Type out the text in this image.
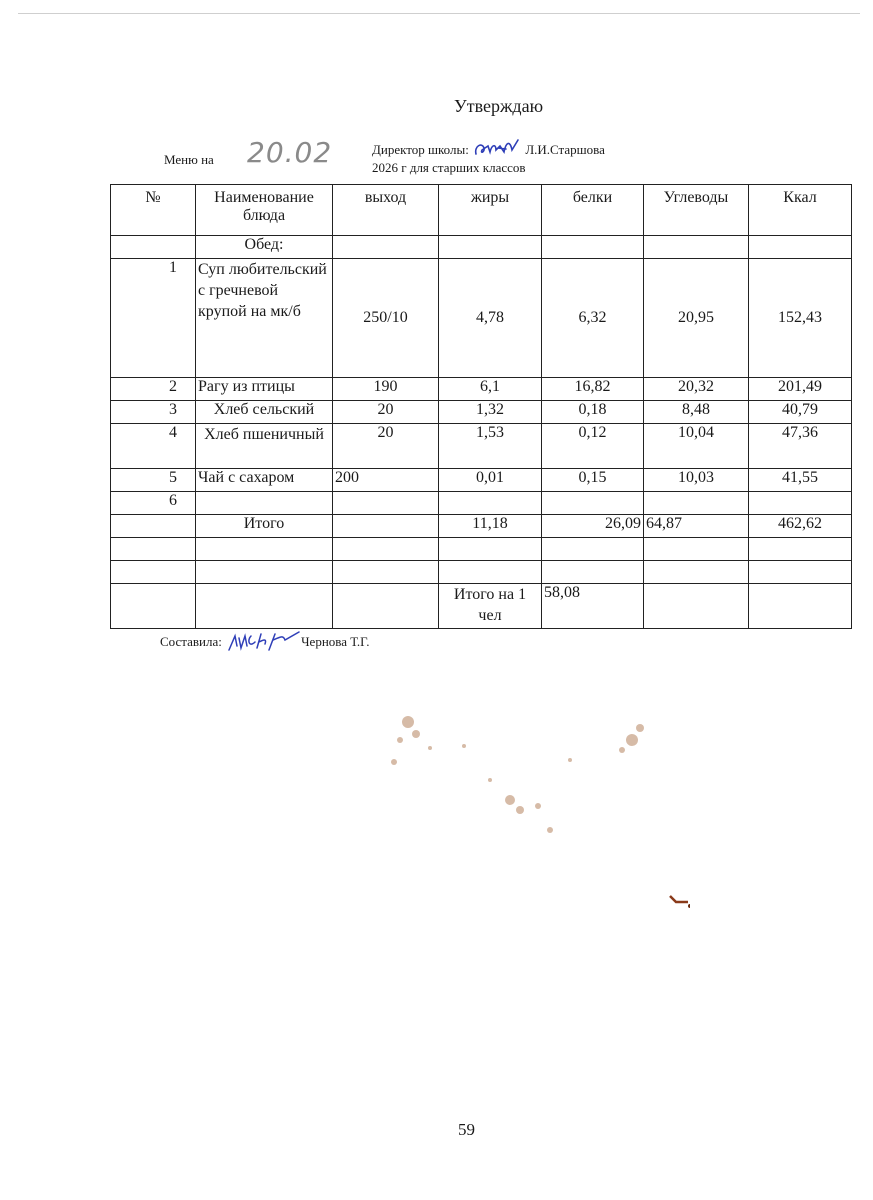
Утверждаю
Директор школы:	Л.И.Старшова
2026 г для старших классов
Меню на 20.02
№	Наименование блюда	выход	жиры	белки	Углеводы	Ккал
	Обед:					
1	Суп любительский с гречневой крупой на мк/б	250/10	4,78	6,32	20,95	152,43
2	Рагу из птицы	190	6,1	16,82	20,32	201,49
3	Хлеб сельский	20	1,32	0,18	8,48	40,79
4	Хлеб пшеничный	20	1,53	0,12	10,04	47,36
5	Чай с сахаром	200	0,01	0,15	10,03	41,55
6						
	Итого		11,18	26,09	64,87	462,62

			Итого на 1 чел	58,08		
Составила:	Чернова Т.Г.
59
